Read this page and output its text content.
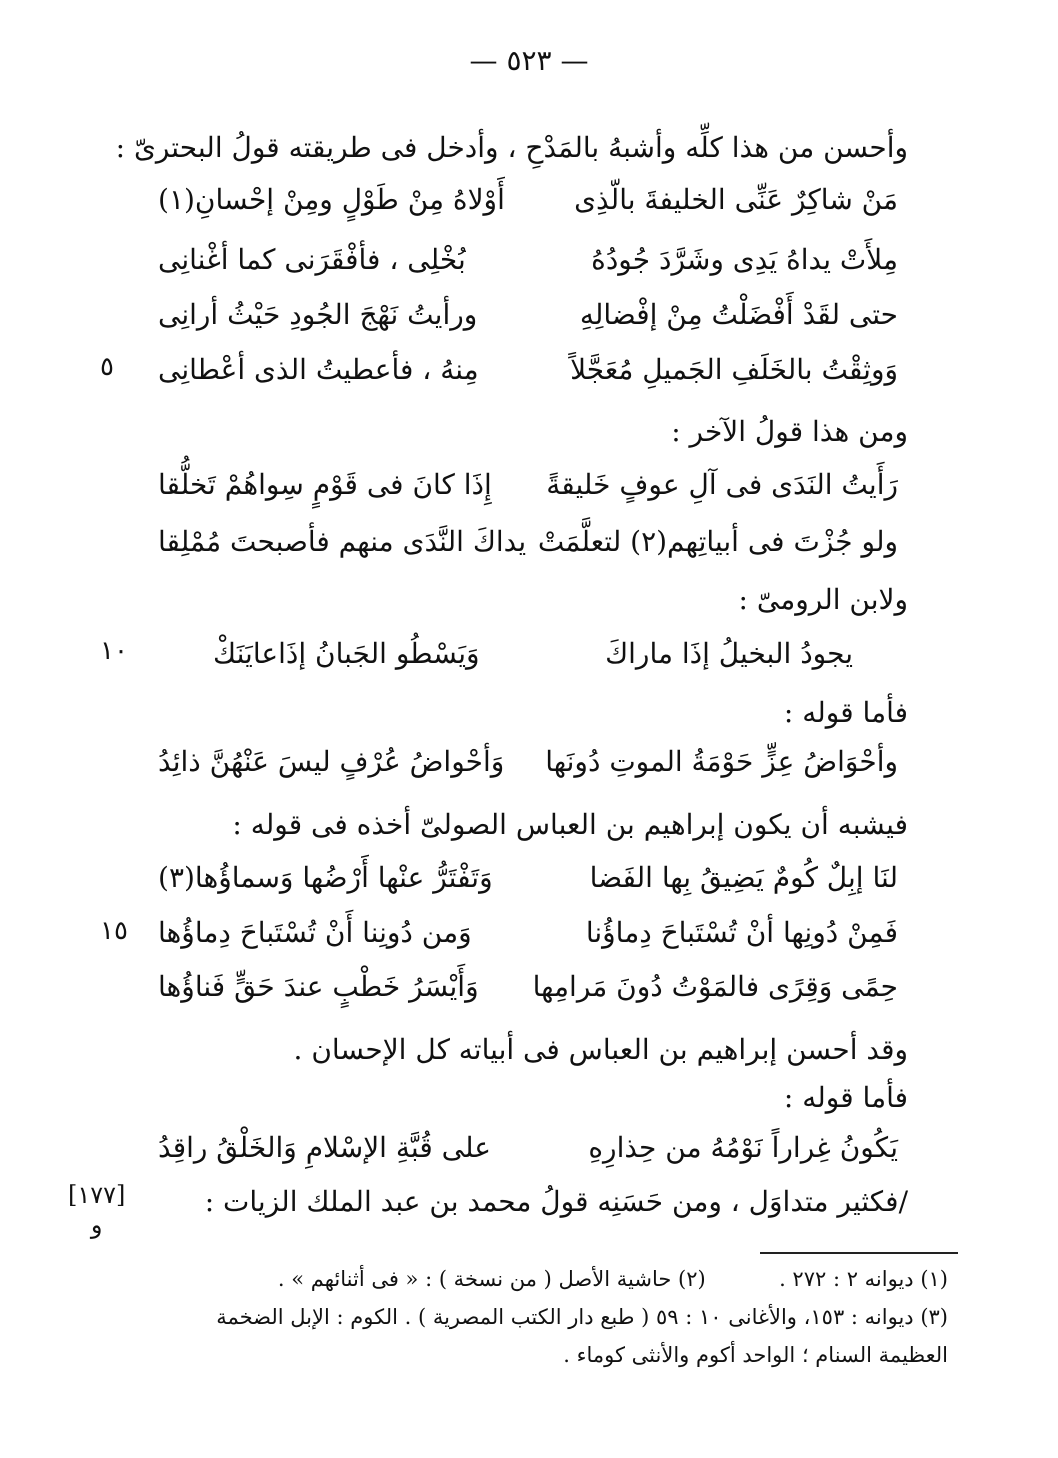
— ٥٢٣ —
وأحسن من هذا كلِّه وأشبهُ بالمَدْحِ ، وأدخل فى طريقته قولُ البحترىّ :
مَنْ شاكِرٌ عَنِّى الخليفةَ بالّذِى
أَوْلاهُ مِنْ طَوْلٍ ومِنْ إحْسانِ(١)
مِلأَتْ يداهُ يَدِى وشَرَّدَ جُودُهُ
بُخْلِى ، فأفْقَرَنى كما أغْنانِى
حتى لقَدْ أَفْضَلْتُ مِنْ إفْضالِهِ
ورأيتُ نَهْجَ الجُودِ حَيْثُ أرانِى
وَوثِقْتُ بالخَلَفِ الجَميلِ مُعَجَّلاً
مِنهُ ، فأعطيتُ الذى أعْطانِى
٥
ومن هذا قولُ الآخر :
رَأَيتُ النَدَى فى آلِ عوفٍ خَليقةً
إِذَا كانَ فى قَوْمٍ سِواهُمْ تَخلُّقا
ولو جُزْتَ فى أبياتِهم(٢) لتعلَّمَتْ
يداكَ النَّدَى منهم فأصبحتَ مُمْلِقا
ولابن الرومىّ :
يجودُ البخيلُ إذَا ماراكَ
وَيَسْطُو الجَبانُ إذَاعايَنَكْ
١٠
فأما قوله :
وأحْوَاضُ عِزٍّ حَوْمَةُ الموتِ دُونَها
وَأحْواضُ عُرْفٍ ليسَ عَنْهُنَّ ذائِدُ
فيشبه أن يكون إبراهيم بن العباس الصولىّ أخذه فى قوله :
لنَا إبِلٌ كُومٌ يَضِيقُ بِها الفَضا
وَتَفْتَرُّ عنْها أَرْضُها وَسماؤُها(٣)
فَمِنْ دُونِها أنْ تُسْتَباحَ دِماؤُنا
وَمن دُونِنا أَنْ تُسْتَباحَ دِماؤُها
١٥
حِمًى وَقِرًى فالمَوْتُ دُونَ مَرامِها
وَأَيْسَرُ خَطْبٍ عندَ حَقٍّ فَناؤُها
وقد أحسن إبراهيم بن العباس فى أبياته كل الإحسان .
فأما قوله :
يَكُونُ غِراراً نَوْمُهُ من حِذارِهِ
على قُبَّةِ الإسْلامِ وَالخَلْقُ راقِدُ
/فكثير متداوَل ، ومن حَسَنِه قولُ محمد بن عبد الملك الزيات :
[١٧٧]
و
(١) ديوانه ٢ : ٢٧٢ .  (٢) حاشية الأصل ( من نسخة ) : « فى أثنائهم » .
(٣) ديوانه : ١٥٣، والأغانى ١٠ : ٥٩ ( طبع دار الكتب المصرية ) . الكوم : الإبل الضخمة
العظيمة السنام ؛ الواحد أكوم والأنثى كوماء .
